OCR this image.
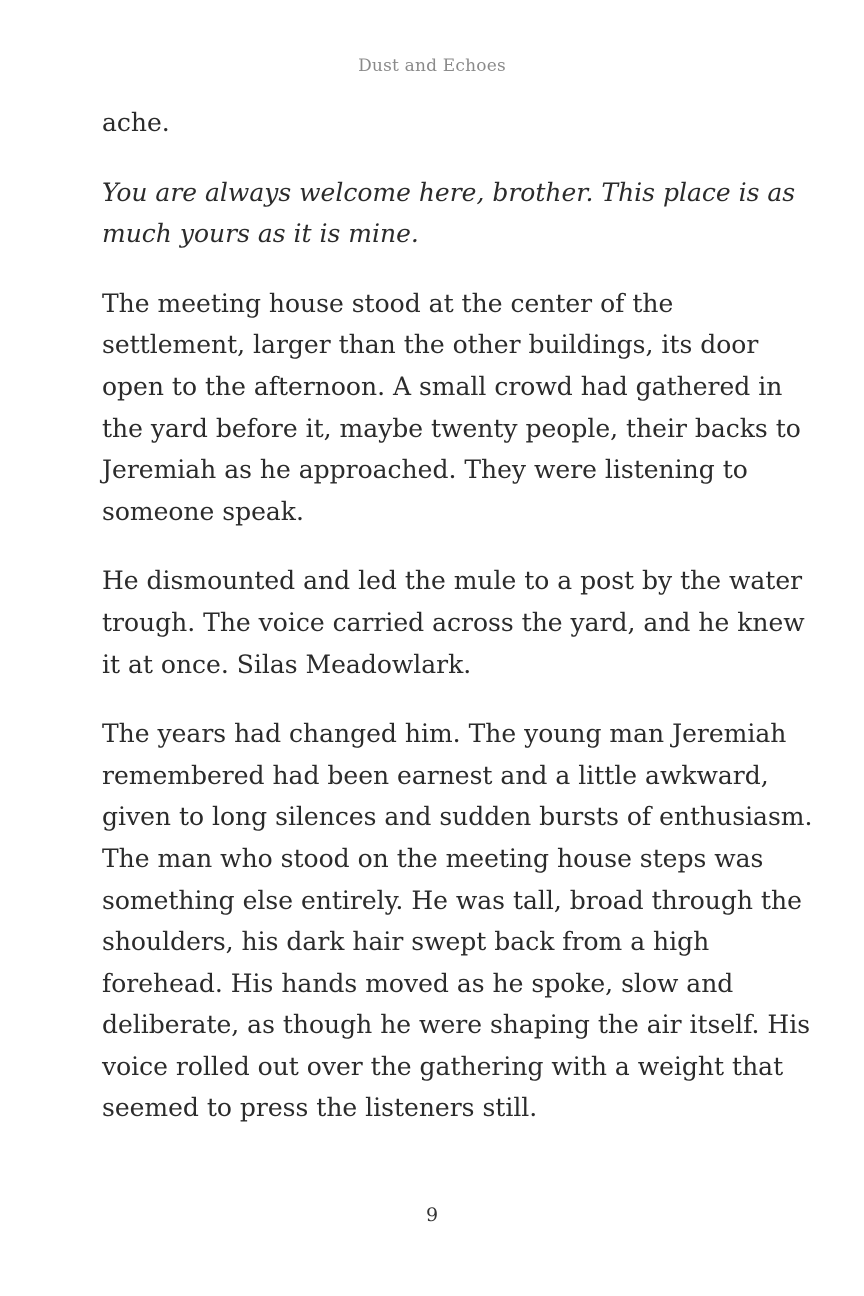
Dust and Echoes

ache.

You are always welcome here, brother. This place is as
much yours as it is mine.

The meeting house stood at the center of the
settlement, larger than the other buildings, its door
open to the afternoon. A small crowd had gathered in
the yard before it, maybe twenty people, their backs to
Jeremiah as he approached. They were listening to
someone speak.

He dismounted and led the mule to a post by the water
trough. The voice carried across the yard, and he knew
it at once. Silas Meadowlark.

The years had changed him. The young man Jeremiah
remembered had been earnest and a little awkward,
given to long silences and sudden bursts of enthusiasm.
The man who stood on the meeting house steps was
something else entirely. He was tall, broad through the
shoulders, his dark hair swept back from a high
forehead. His hands moved as he spoke, slow and
deliberate, as though he were shaping the air itself. His
voice rolled out over the gathering with a weight that
seemed to press the listeners still.

9
